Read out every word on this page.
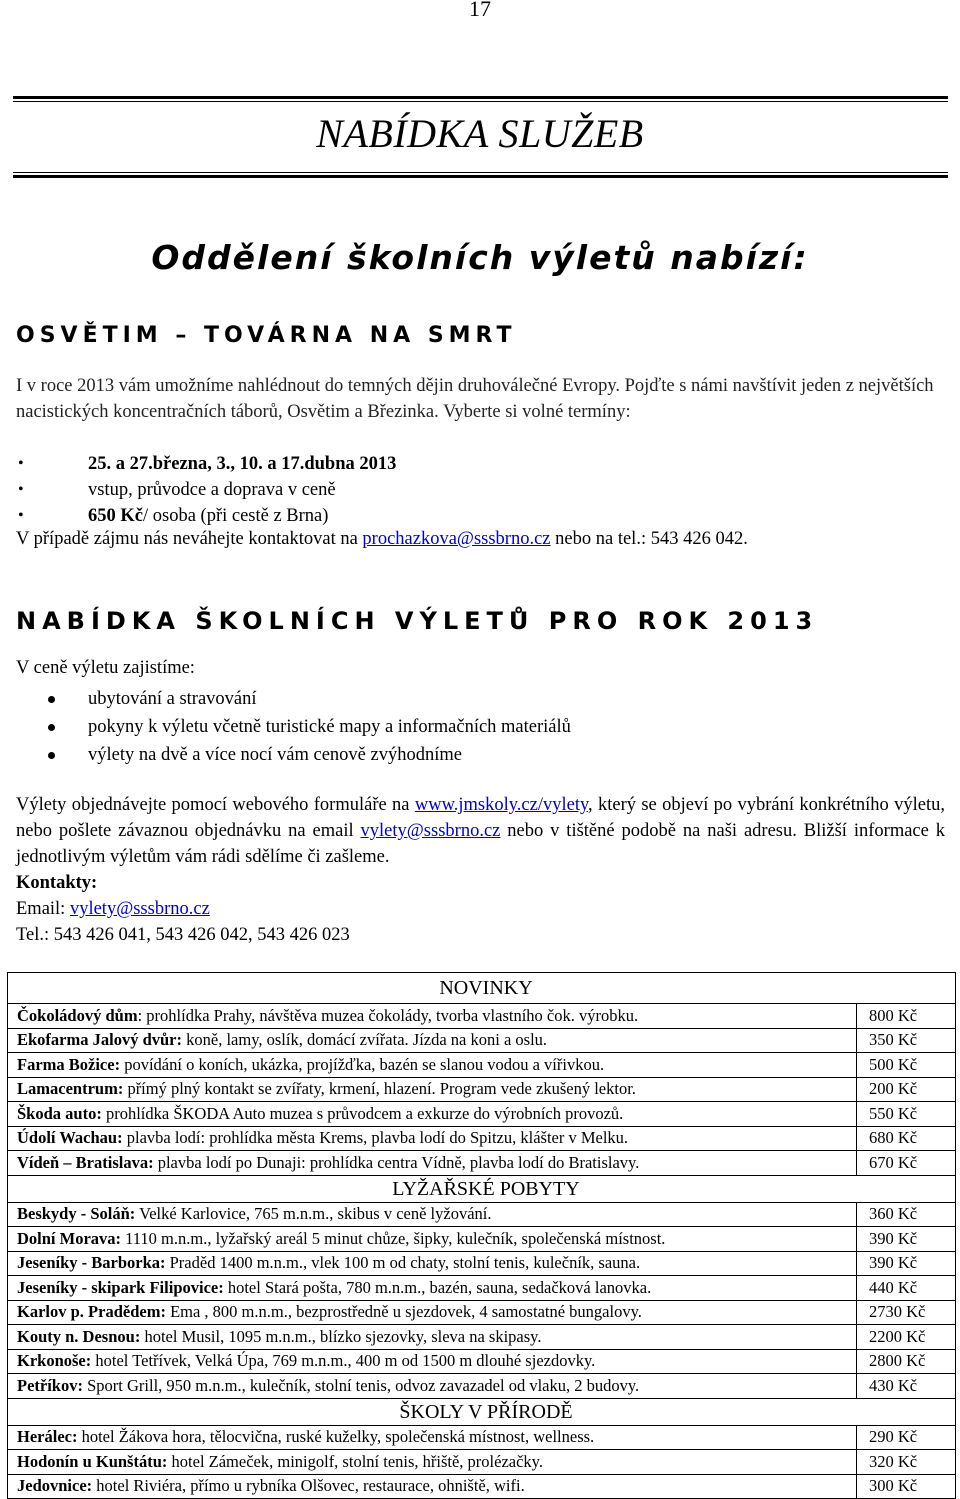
17
NABÍDKA SLUŽEB
Oddělení školních výletů nabízí:
OSVĚTIM – TOVÁRNA NA SMRT
I v roce 2013 vám umožníme nahlédnout do temných dějin druhoválečné Evropy. Pojďte s námi navštívit jeden z největších nacistických koncentračních táborů, Osvětim a Březinka. Vyberte si volné termíny:
• 25. a 27.března, 3., 10. a 17.dubna 2013
• vstup, průvodce a doprava v ceně
• 650 Kč/ osoba (při cestě z Brna)
V případě zájmu nás neváhejte kontaktovat na prochazkova@sssbrno.cz nebo na tel.: 543 426 042.
NABÍDKA ŠKOLNÍCH VÝLETŮ PRO ROK 2013
V ceně výletu zajistíme:
ubytování a stravování
pokyny k výletu včetně turistické mapy a informačních materiálů
výlety na dvě a více nocí vám cenově zvýhodníme
Výlety objednávejte pomocí webového formuláře na www.jmskoly.cz/vylety, který se objeví po vybrání konkrétního výletu, nebo pošlete závaznou objednávku na email vylety@sssbrno.cz nebo v tištěné podobě na naši adresu. Bližší informace k jednotlivým výletům vám rádi sdělíme či zašleme.
Kontakty:
Email: vylety@sssbrno.cz
Tel.: 543 426 041, 543 426 042, 543 426 023
NOVINKY	
Čokoládový dům: prohlídka Prahy, návštěva muzea čokolády, tvorba vlastního čok. výrobku.	800 Kč
Ekofarma Jalový dvůr: koně, lamy, oslík, domácí zvířata. Jízda na koni a oslu.	350 Kč
Farma Božice: povídání o koních, ukázka, projížďka, bazén se slanou vodou a vířivkou.	500 Kč
Lamacentrum: přímý plný kontakt se zvířaty, krmení, hlazení. Program vede zkušený lektor.	200 Kč
Škoda auto: prohlídka ŠKODA Auto muzea s průvodcem a exkurze do výrobních provozů.	550 Kč
Údolí Wachau: plavba lodí: prohlídka města Krems, plavba lodí do Spitzu, klášter v Melku.	680 Kč
Vídeň – Bratislava: plavba lodí po Dunaji: prohlídka centra Vídně, plavba lodí do Bratislavy.	670 Kč
LYŽAŘSKÉ POBYTY	
Beskydy - Soláň: Velké Karlovice, 765 m.n.m., skibus v ceně lyžování.	360 Kč
Dolní Morava: 1110 m.n.m., lyžařský areál 5 minut chůze, šipky, kulečník, společenská místnost.	390 Kč
Jeseníky - Barborka: Praděd 1400 m.n.m., vlek 100 m od chaty, stolní tenis, kulečník, sauna.	390 Kč
Jeseníky - skipark Filipovice: hotel Stará pošta, 780 m.n.m., bazén, sauna, sedačková lanovka.	440 Kč
Karlov p. Pradědem: Ema , 800 m.n.m., bezprostředně u sjezdovek, 4 samostatné bungalovy.	2730 Kč
Kouty n. Desnou: hotel Musil, 1095 m.n.m., blízko sjezovky, sleva na skipasy.	2200 Kč
Krkonoše: hotel Tetřívek, Velká Úpa, 769 m.n.m., 400 m od 1500 m dlouhé sjezdovky.	2800 Kč
Petříkov: Sport Grill, 950 m.n.m., kulečník, stolní tenis, odvoz zavazadel od vlaku, 2 budovy.	430 Kč
ŠKOLY V PŘÍRODĚ	
Herálec: hotel Žákova hora, tělocvična, ruské kuželky, společenská místnost, wellness.	290 Kč
Hodonín u Kunštátu: hotel Zámeček, minigolf, stolní tenis, hřiště, prolézačky.	320 Kč
Jedovnice: hotel Riviéra, přímo u rybníka Olšovec, restaurace, ohniště, wifi.	300 Kč
